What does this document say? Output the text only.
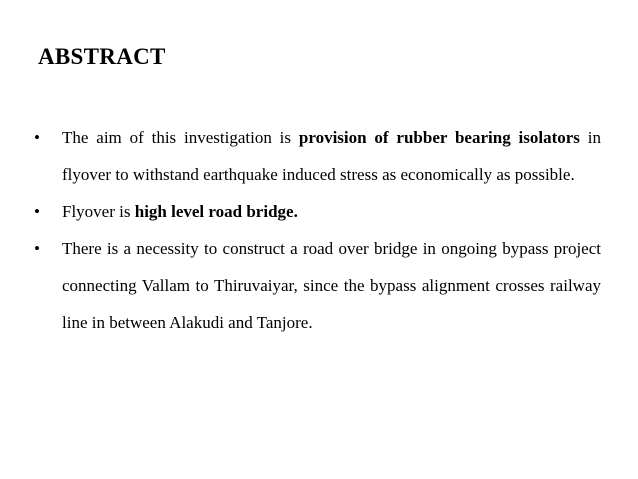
ABSTRACT
• The aim of this investigation is provision of rubber bearing isolators in flyover to withstand earthquake induced stress as economically as possible.
• Flyover is high level road bridge.
• There is a necessity to construct a road over bridge in ongoing bypass project connecting Vallam to Thiruvaiyar, since the bypass alignment crosses railway line in between Alakudi and Tanjore.
